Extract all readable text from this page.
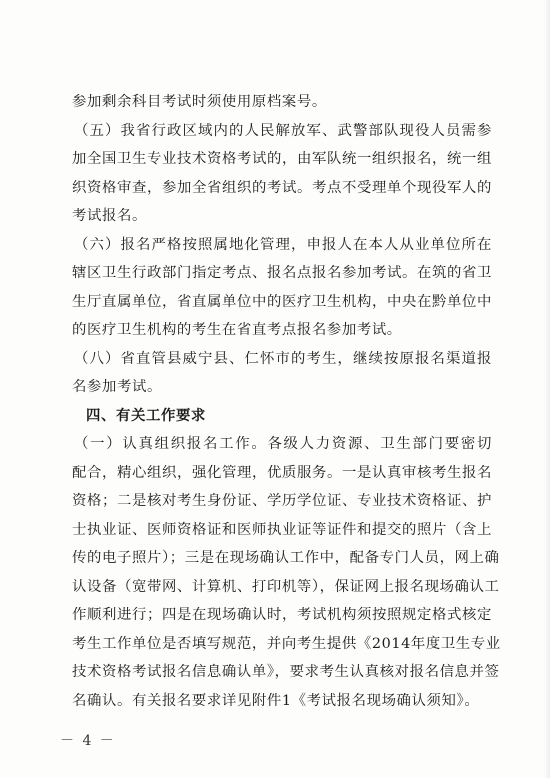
参加剩余科目考试时须使用原档案号。
（五）我省行政区域内的人民解放军、武警部队现役人员需参
加全国卫生专业技术资格考试的，由军队统一组织报名，统一组
织资格审查，参加全省组织的考试。考点不受理单个现役军人的
考试报名。
（六）报名严格按照属地化管理，申报人在本人从业单位所在
辖区卫生行政部门指定考点、报名点报名参加考试。在筑的省卫
生厅直属单位，省直属单位中的医疗卫生机构，中央在黔单位中
的医疗卫生机构的考生在省直考点报名参加考试。
（八）省直管县威宁县、仁怀市的考生，继续按原报名渠道报
名参加考试。
四、有关工作要求
（一）认真组织报名工作。各级人力资源、卫生部门要密切
配合，精心组织，强化管理，优质服务。一是认真审核考生报名
资格；二是核对考生身份证、学历学位证、专业技术资格证、护
士执业证、医师资格证和医师执业证等证件和提交的照片（含上
传的电子照片）；三是在现场确认工作中，配备专门人员，网上确
认设备（宽带网、计算机、打印机等），保证网上报名现场确认工
作顺利进行；四是在现场确认时，考试机构须按照规定格式核定
考生工作单位是否填写规范，并向考生提供《2014年度卫生专业
技术资格考试报名信息确认单》，要求考生认真核对报名信息并签
名确认。有关报名要求详见附件1《考试报名现场确认须知》。
－ 4 －
